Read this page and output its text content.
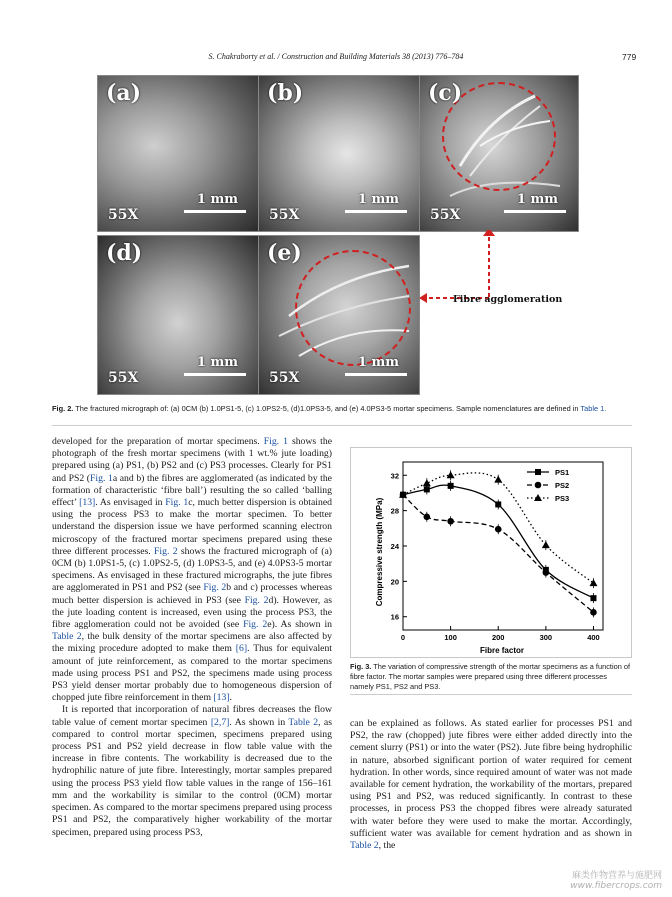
S. Chakraborty et al. / Construction and Building Materials 38 (2013) 776–784	779
(a)
1 mm
55X
(b)
1 mm
55X
(c)
1 mm
55X
(d)
1 mm
55X
(e)
1 mm
55X
Fibre agglomeration
Fig. 2. The fractured micrograph of: (a) 0CM (b) 1.0PS1-5, (c) 1.0PS2-5, (d)1.0PS3-5, and (e) 4.0PS3-5 mortar specimens. Sample nomenclatures are defined in Table 1.

developed for the preparation of mortar specimens. Fig. 1 shows the photograph of the fresh mortar specimens (with 1 wt.% jute loading) prepared using (a) PS1, (b) PS2 and (c) PS3 processes. Clearly for PS1 and PS2 (Fig. 1a and b) the fibres are agglomerated (as indicated by the formation of characteristic ‘fibre ball’) resulting the so called ‘balling effect’ [13]. As envisaged in Fig. 1c, much better dispersion is obtained using the process PS3 to make the mortar specimen. To better understand the dispersion issue we have performed scanning electron microscopy of the fractured mortar specimens prepared using these three different processes. Fig. 2 shows the fractured micrograph of (a) 0CM (b) 1.0PS1-5, (c) 1.0PS2-5, (d) 1.0PS3-5, and (e) 4.0PS3-5 mortar specimens. As envisaged in these fractured micrographs, the jute fibres are agglomerated in PS1 and PS2 (see Fig. 2b and c) processes whereas much better dispersion is achieved in PS3 (see Fig. 2d). However, as the jute loading content is increased, even using the process PS3, the fibre agglomeration could not be avoided (see Fig. 2e). As shown in Table 2, the bulk density of the mortar specimens are also affected by the mixing procedure adopted to make them [6]. Thus for equivalent amount of jute reinforcement, as compared to the mortar specimens made using process PS1 and PS2, the specimens made using process PS3 yield denser mortar probably due to homogeneous dispersion of chopped jute fibre reinforcement in them [13].

It is reported that incorporation of natural fibres decreases the flow table value of cement mortar specimen [2,7]. As shown in Table 2, as compared to control mortar specimen, specimens prepared using process PS1 and PS2 yield decrease in flow table value with the increase in fibre contents. The workability is decreased due to the hydrophilic nature of jute fibre. Interestingly, mortar samples prepared using the process PS3 yield flow table values in the range of 156–161 mm and the workability is similar to the control (0CM) mortar specimen. As compared to the mortar specimens prepared using process PS1 and PS2, the comparatively higher workability of the mortar specimen, prepared using process PS3,

16
20
24
28
32
0	100	200	300	400
PS1
PS2
PS3
Compressive strength (MPa)
Fibre factor
Fig. 3. The variation of compressive strength of the mortar specimens as a function of fibre factor. The mortar samples were prepared using three different processes namely PS1, PS2 and PS3.

can be explained as follows. As stated earlier for processes PS1 and PS2, the raw (chopped) jute fibres were either added directly into the cement slurry (PS1) or into the water (PS2). Jute fibre being hydrophilic in nature, absorbed significant portion of water required for cement hydration. In other words, since required amount of water was not made available for cement hydration, the workability of the mortars, prepared using PS1 and PS2, was reduced significantly. In contrast to these processes, in process PS3 the chopped fibres were already saturated with water before they were used to make the mortar. Accordingly, sufficient water was available for cement hydration and as shown in Table 2, the

麻类作物营养与施肥网
www.fibercrops.com
